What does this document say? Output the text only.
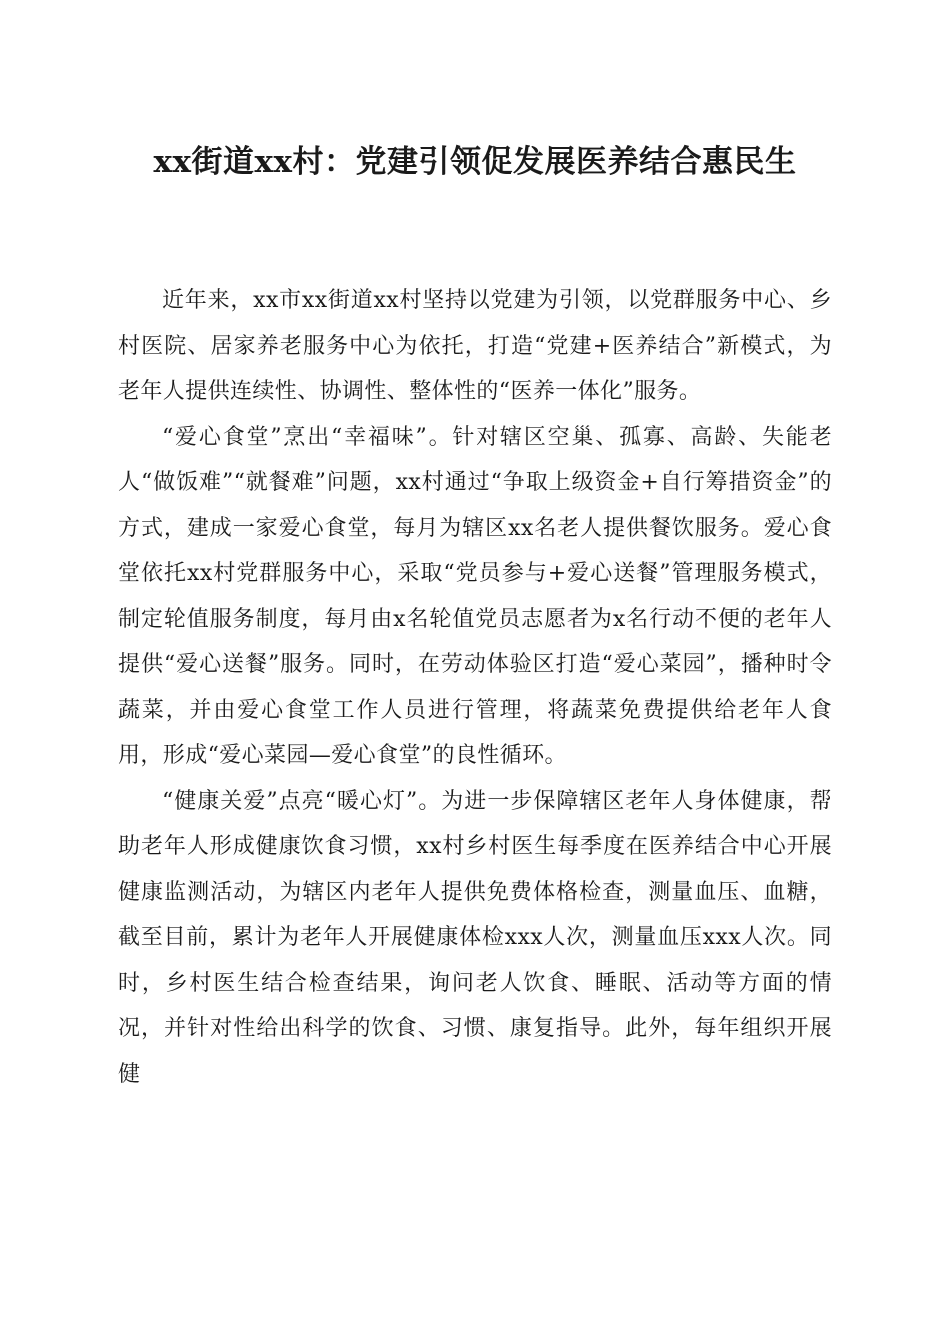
xx街道xx村：党建引领促发展医养结合惠民生

近年来，xx市xx街道xx村坚持以党建为引领，以党群服务中心、乡村医院、居家养老服务中心为依托，打造“党建+医养结合”新模式，为老年人提供连续性、协调性、整体性的“医养一体化”服务。

“爱心食堂”烹出“幸福味”。针对辖区空巢、孤寡、高龄、失能老人“做饭难”“就餐难”问题，xx村通过“争取上级资金+自行筹措资金”的方式，建成一家爱心食堂，每月为辖区xx名老人提供餐饮服务。爱心食堂依托xx村党群服务中心，采取“党员参与+爱心送餐”管理服务模式，制定轮值服务制度，每月由x名轮值党员志愿者为x名行动不便的老年人提供“爱心送餐”服务。同时，在劳动体验区打造“爱心菜园”，播种时令蔬菜，并由爱心食堂工作人员进行管理，将蔬菜免费提供给老年人食用，形成“爱心菜园—爱心食堂”的良性循环。

“健康关爱”点亮“暖心灯”。为进一步保障辖区老年人身体健康，帮助老年人形成健康饮食习惯，xx村乡村医生每季度在医养结合中心开展健康监测活动，为辖区内老年人提供免费体格检查，测量血压、血糖，截至目前，累计为老年人开展健康体检xxx人次，测量血压xxx人次。同时，乡村医生结合检查结果，询问老人饮食、睡眠、活动等方面的情况，并针对性给出科学的饮食、习惯、康复指导。此外，每年组织开展健
